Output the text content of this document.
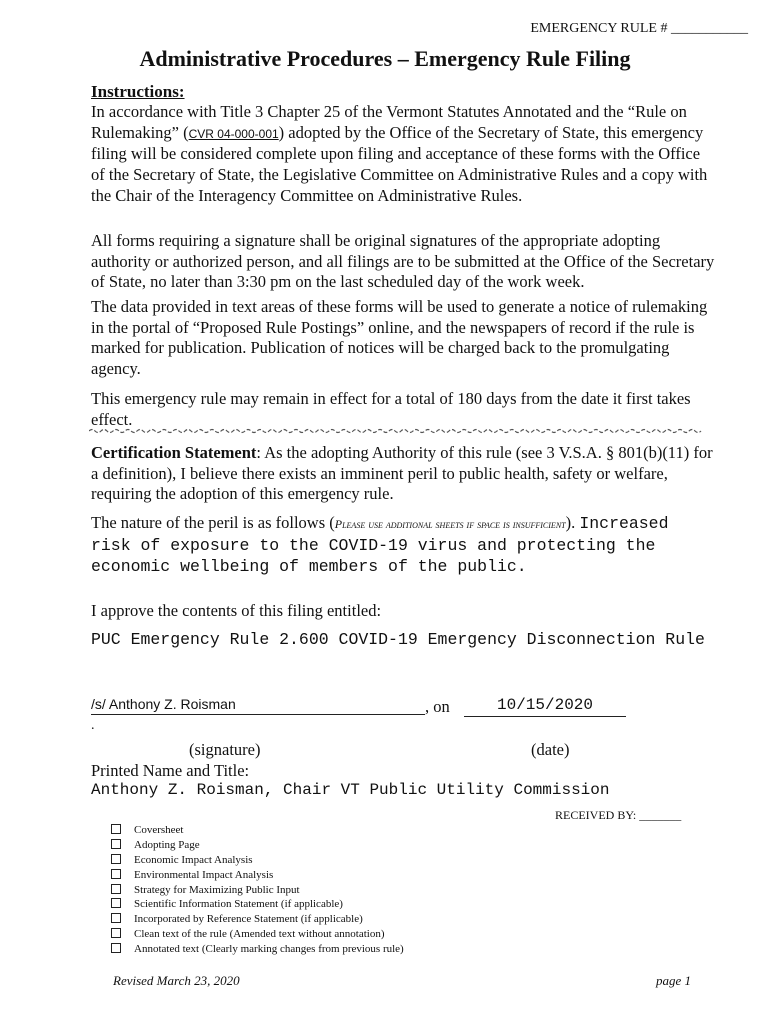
EMERGENCY RULE # ___________
Administrative Procedures – Emergency Rule Filing
Instructions:
In accordance with Title 3 Chapter 25 of the Vermont Statutes Annotated and the “Rule on Rulemaking” (CVR 04-000-001) adopted by the Office of the Secretary of State, this emergency filing will be considered complete upon filing and acceptance of these forms with the Office of the Secretary of State, the Legislative Committee on Administrative Rules and a copy with the Chair of the Interagency Committee on Administrative Rules.
All forms requiring a signature shall be original signatures of the appropriate adopting authority or authorized person, and all filings are to be submitted at the Office of the Secretary of State, no later than 3:30 pm on the last scheduled day of the work week.
The data provided in text areas of these forms will be used to generate a notice of rulemaking in the portal of “Proposed Rule Postings” online, and the newspapers of record if the rule is marked for publication. Publication of notices will be charged back to the promulgating agency.
This emergency rule may remain in effect for a total of 180 days from the date it first takes effect.
Certification Statement: As the adopting Authority of this rule (see 3 V.S.A. § 801(b)(11) for a definition), I believe there exists an imminent peril to public health, safety or welfare, requiring the adoption of this emergency rule.
The nature of the peril is as follows (Please use additional sheets if space is insufficient). Increased risk of exposure to the COVID-19 virus and protecting the economic wellbeing of members of the public.
I approve the contents of this filing entitled:
PUC Emergency Rule 2.600 COVID-19 Emergency Disconnection Rule
/s/ Anthony Z. Roisman	, on	10/15/2020
.
(signature)	(date)
Printed Name and Title:
Anthony Z. Roisman, Chair VT Public Utility Commission
RECEIVED BY: _______
Coversheet
Adopting Page
Economic Impact Analysis
Environmental Impact Analysis
Strategy for Maximizing Public Input
Scientific Information Statement (if applicable)
Incorporated by Reference Statement (if applicable)
Clean text of the rule (Amended text without annotation)
Annotated text (Clearly marking changes from previous rule)
Revised March 23, 2020	page 1
